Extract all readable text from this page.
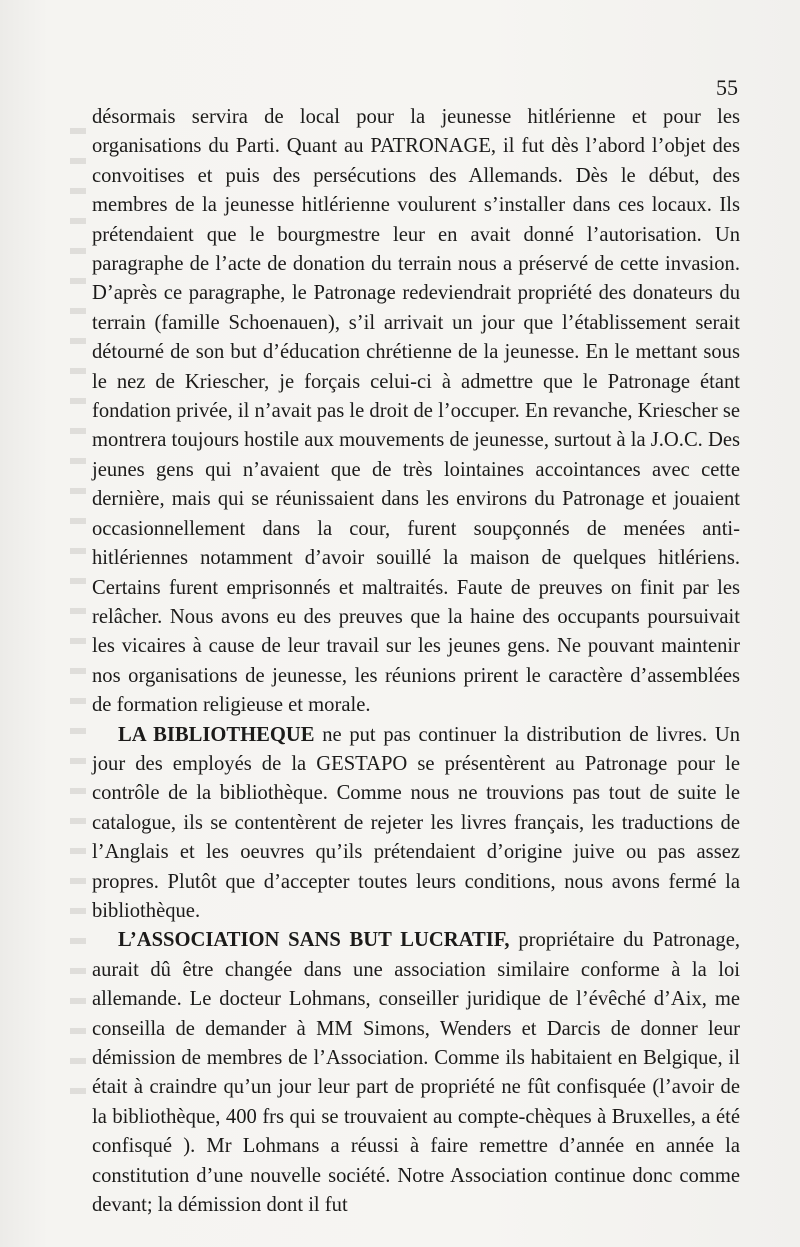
55

désormais servira de local pour la jeunesse hitlérienne et pour les organisations du Parti. Quant au PATRONAGE, il fut dès l’abord l’objet des convoitises et puis des persécutions des Allemands. Dès le début, des membres de la jeunesse hitlérienne voulurent s’installer dans ces locaux. Ils prétendaient que le bourgmestre leur en avait donné l’autorisation. Un paragraphe de l’acte de donation du terrain nous a préservé de cette invasion. D’après ce paragraphe, le Patronage redeviendrait propriété des donateurs du terrain (famille Schoenauen), s’il arrivait un jour que l’établissement serait détourné de son but d’éducation chrétienne de la jeunesse. En le mettant sous le nez de Kriescher, je forçais celui-ci à admettre que le Patronage étant fondation privée, il n’avait pas le droit de l’occuper. En revanche, Kriescher se montrera toujours hostile aux mouvements de jeunesse, surtout à la J.O.C. Des jeunes gens qui n’avaient que de très lointaines accointances avec cette dernière, mais qui se réunissaient dans les environs du Patronage et jouaient occasionnellement dans la cour, furent soupçonnés de menées anti-hitlériennes notamment d’avoir souillé la maison de quelques hitlériens. Certains furent emprisonnés et maltraités. Faute de preuves on finit par les relâcher. Nous avons eu des preuves que la haine des occupants poursuivait les vicaires à cause de leur travail sur les jeunes gens. Ne pouvant maintenir nos organisations de jeunesse, les réunions prirent le caractère d’assemblées de formation religieuse et morale.

LA BIBLIOTHEQUE ne put pas continuer la distribution de livres. Un jour des employés de la GESTAPO se présentèrent au Patronage pour le contrôle de la bibliothèque. Comme nous ne trouvions pas tout de suite le catalogue, ils se contentèrent de rejeter les livres français, les traductions de l’Anglais et les oeuvres qu’ils prétendaient d’origine juive ou pas assez propres. Plutôt que d’accepter toutes leurs conditions, nous avons fermé la bibliothèque.

L’ASSOCIATION SANS BUT LUCRATIF, propriétaire du Patronage, aurait dû être changée dans une association similaire conforme à la loi allemande. Le docteur Lohmans, conseiller juridique de l’évêché d’Aix, me conseilla de demander à MM Simons, Wenders et Darcis de donner leur démission de membres de l’Association. Comme ils habitaient en Belgique, il était à craindre qu’un jour leur part de propriété ne fût confisquée (l’avoir de la bibliothèque, 400 frs qui se trouvaient au compte-chèques à Bruxelles, a été confisqué ). Mr Lohmans a réussi à faire remettre d’année en année la constitution d’une nouvelle société. Notre Association continue donc comme devant; la démission dont il fut
